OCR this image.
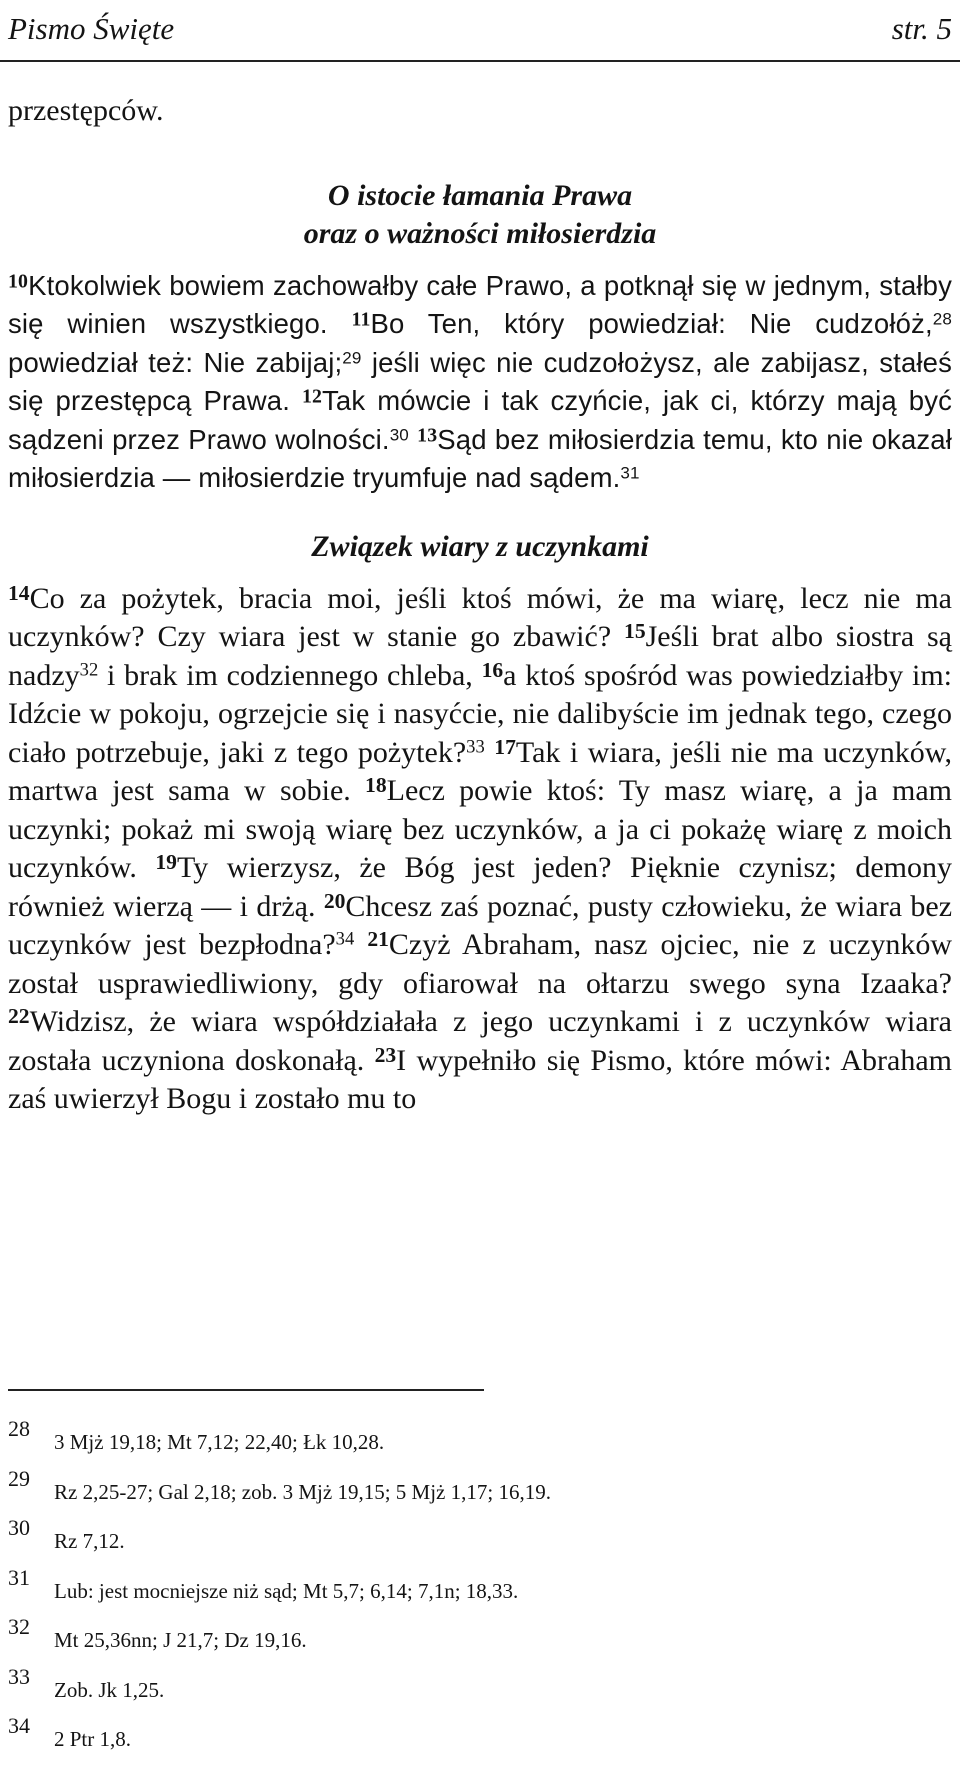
Pismo Święte	str. 5

przestępców.

O istocie łamania Prawa
oraz o ważności miłosierdzia

$^{10}$Ktokolwiek bowiem zachowałby całe Prawo, a potknął się w jednym, stałby się winien wszystkiego. $^{11}$Bo Ten, który powiedział: Nie cudzołóż,$^{28}$ powiedział też: Nie zabijaj;$^{29}$ jeśli więc nie cudzołożysz, ale zabijasz, stałeś się przestępcą Prawa. $^{12}$Tak mówcie i tak czyńcie, jak ci, którzy mają być sądzeni przez Prawo wolności.$^{30}$ $^{13}$Sąd bez miłosierdzia temu, kto nie okazał miłosierdzia — miłosierdzie tryumfuje nad sądem.$^{31}$

Związek wiary z uczynkami

$^{14}$Co za pożytek, bracia moi, jeśli ktoś mówi, że ma wiarę, lecz nie ma uczynków? Czy wiara jest w stanie go zbawić? $^{15}$Jeśli brat albo siostra są nadzy$^{32}$ i brak im codziennego chleba, $^{16}$a ktoś spośród was powiedziałby im: Idźcie w pokoju, ogrzejcie się i nasyćcie, nie dalibyście im jednak tego, czego ciało potrzebuje, jaki z tego pożytek?$^{33}$ $^{17}$Tak i wiara, jeśli nie ma uczynków, martwa jest sama w sobie. $^{18}$Lecz powie ktoś: Ty masz wiarę, a ja mam uczynki; pokaż mi swoją wiarę bez uczynków, a ja ci pokażę wiarę z moich uczynków. $^{19}$Ty wierzysz, że Bóg jest jeden? Pięknie czynisz; demony również wierzą — i drżą. $^{20}$Chcesz zaś poznać, pusty człowieku, że wiara bez uczynków jest bezpłodna?$^{34}$ $^{21}$Czyż Abraham, nasz ojciec, nie z uczynków został usprawiedliwiony, gdy ofiarował na ołtarzu swego syna Izaaka? $^{22}$Widzisz, że wiara współdziałała z jego uczynkami i z uczynków wiara została uczyniona doskonałą. $^{23}$I wypełniło się Pismo, które mówi: Abraham zaś uwierzył Bogu i zostało mu to

28
3 Mjż 19,18; Mt 7,12; 22,40; Łk 10,28.
29
Rz 2,25-27; Gal 2,18; zob. 3 Mjż 19,15; 5 Mjż 1,17; 16,19.
30
Rz 7,12.
31
Lub: jest mocniejsze niż sąd; Mt 5,7; 6,14; 7,1n; 18,33.
32
Mt 25,36nn; J 21,7; Dz 19,16.
33
Zob. Jk 1,25.
34
2 Ptr 1,8.
